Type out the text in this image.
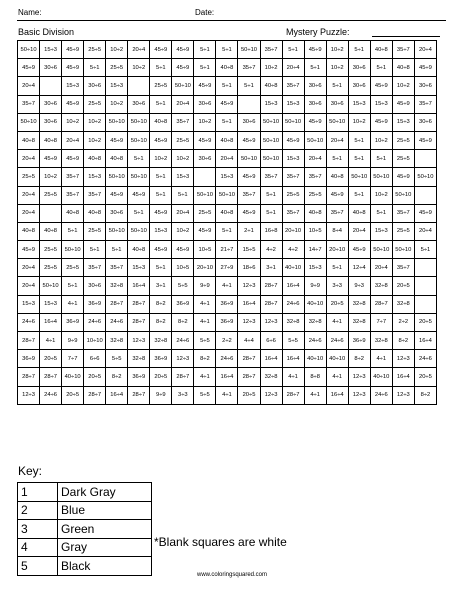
Name:	Date:
Basic Division	Mystery Puzzle:
50÷10	15÷3	45÷9	25÷5	10÷2	20÷4	45÷9	45÷9	5÷1	5÷1	50÷10	35÷7	5÷1	45÷9	10÷2	5÷1	40÷8	35÷7	20÷4
45÷9	30÷6	45÷9	5÷1	25÷5	10÷2	5÷1	45÷9	5÷1	40÷8	35÷7	10÷2	20÷4	5÷1	10÷2	30÷6	5÷1	40÷8	45÷9
20÷4		15÷3	30÷6	15÷3		25÷5	50÷10	45÷9	5÷1	5÷1	40÷8	35÷7	30÷6	5÷1	30÷6	45÷9	10÷2	30÷6
35÷7	30÷6	45÷9	25÷5	10÷2	30÷6	5÷1	20÷4	30÷6	45÷9		15÷3	15÷3	30÷6	30÷6	15÷3	15÷3	45÷9	35÷7
50÷10	30÷6	10÷2	10÷2	50÷10	50÷10	40÷8	35÷7	10÷2	5÷1	30÷6	50÷10	50÷10	45÷9	50÷10	10÷2	45÷9	15÷3	30÷6
40÷8	40÷8	20÷4	10÷2	45÷9	50÷10	45÷9	25÷5	45÷9	40÷8	45÷9	50÷10	45÷9	50÷10	20÷4	5÷1	10÷2	25÷5	45÷9
20÷4	45÷9	45÷9	40÷8	40÷8	5÷1	10÷2	10÷2	30÷6	20÷4	50÷10	50÷10	15÷3	20÷4	5÷1	5÷1	5÷1	25÷5	
25÷5	10÷2	35÷7	15÷3	50÷10	50÷10	5÷1	15÷3		15÷3	45÷9	35÷7	35÷7	35÷7	40÷8	50÷10	50÷10	45÷9	50÷10
20÷4	25÷5	35÷7	35÷7	45÷9	45÷9	5÷1	5÷1	50÷10	50÷10	35÷7	5÷1	25÷5	25÷5	45÷9	5÷1	10÷2	50÷10	
20÷4		40÷8	40÷8	30÷6	5÷1	45÷9	20÷4	25÷5	40÷8	45÷9	5÷1	35÷7	40÷8	35÷7	40÷8	5÷1	35÷7	45÷9
40÷8	40÷8	5÷1	25÷5	50÷10	50÷10	15÷3	10÷2	45÷9	5÷1	2÷1	16÷8	20÷10	10÷5	8÷4	20÷4	15÷3	25÷5	20÷4
45÷9	25÷5	50÷10	5÷1	5÷1	40÷8	45÷9	45÷9	10÷5	21÷7	15÷5	4÷2	4÷2	14÷7	20÷10	45÷9	50÷10	50÷10	5÷1
20÷4	25÷5	25÷5	35÷7	35÷7	15÷3	5÷1	10÷5	20÷10	27÷9	18÷6	3÷1	40÷10	15÷3	5÷1	12÷4	20÷4	35÷7	
20÷4	50÷10	5÷1	30÷6	32÷8	16÷4	3÷1	5÷5	9÷9	4÷1	12÷3	28÷7	16÷4	9÷9	3÷3	9÷3	32÷8	20÷5	
15÷3	15÷3	4÷1	36÷9	28÷7	28÷7	8÷2	36÷9	4÷1	36÷9	16÷4	28÷7	24÷6	40÷10	20÷5	32÷8	28÷7	32÷8	
24÷6	16÷4	36÷9	24÷6	24÷6	28÷7	8÷2	8÷2	4÷1	36÷9	12÷3	12÷3	32÷8	32÷8	4÷1	32÷8	7÷7	2÷2	20÷5
28÷7	4÷1	9÷9	10÷10	32÷8	12÷3	32÷8	24÷6	5÷5	2÷2	4÷4	6÷6	5÷5	24÷6	24÷6	36÷9	32÷8	8÷2	16÷4
36÷9	20÷5	7÷7	6÷6	5÷5	32÷8	36÷9	12÷3	8÷2	24÷6	28÷7	16÷4	16÷4	40÷10	40÷10	8÷2	4÷1	12÷3	24÷6
28÷7	28÷7	40÷10	20÷5	8÷2	36÷9	20÷5	28÷7	4÷1	16÷4	28÷7	32÷8	4÷1	8÷8	4÷1	12÷3	40÷10	16÷4	20÷5
12÷3	24÷6	20÷5	28÷7	16÷4	28÷7	9÷9	3÷3	5÷5	4÷1	20÷5	12÷3	28÷7	4÷1	16÷4	12÷3	24÷6	12÷3	8÷2
Key:
1	Dark Gray
2	Blue
3	Green
4	Gray
5	Black
*Blank squares are white
www.coloringsquared.com
